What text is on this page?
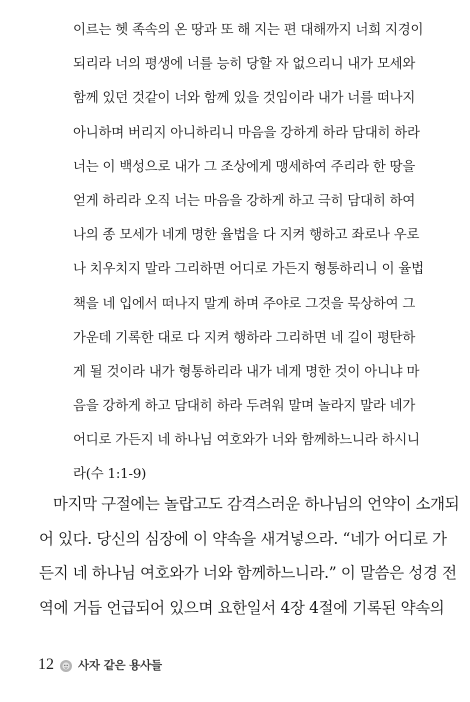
이르는 헷 족속의 온 땅과 또 해 지는 편 대해까지 너희 지경이
되리라 너의 평생에 너를 능히 당할 자 없으리니 내가 모세와
함께 있던 것같이 너와 함께 있을 것임이라 내가 너를 떠나지
아니하며 버리지 아니하리니 마음을 강하게 하라 담대히 하라
너는 이 백성으로 내가 그 조상에게 맹세하여 주리라 한 땅을
얻게 하리라 오직 너는 마음을 강하게 하고 극히 담대히 하여
나의 종 모세가 네게 명한 율법을 다 지켜 행하고 좌로나 우로
나 치우치지 말라 그리하면 어디로 가든지 형통하리니 이 율법
책을 네 입에서 떠나지 말게 하며 주야로 그것을 묵상하여 그
가운데 기록한 대로 다 지켜 행하라 그리하면 네 길이 평탄하
게 될 것이라 내가 형통하리라 내가 네게 명한 것이 아니냐 마
음을 강하게 하고 담대히 하라 두려워 말며 놀라지 말라 네가
어디로 가든지 네 하나님 여호와가 너와 함께하느니라 하시니
라(수 1:1-9)
마지막 구절에는 놀랍고도 감격스러운 하나님의 언약이 소개되
어 있다. 당신의 심장에 이 약속을 새겨넣으라. “네가 어디로 가
든지 네 하나님 여호와가 너와 함께하느니라.” 이 말씀은 성경 전
역에 거듭 언급되어 있으며 요한일서 4장 4절에 기록된 약속의
12 사자 같은 용사들
